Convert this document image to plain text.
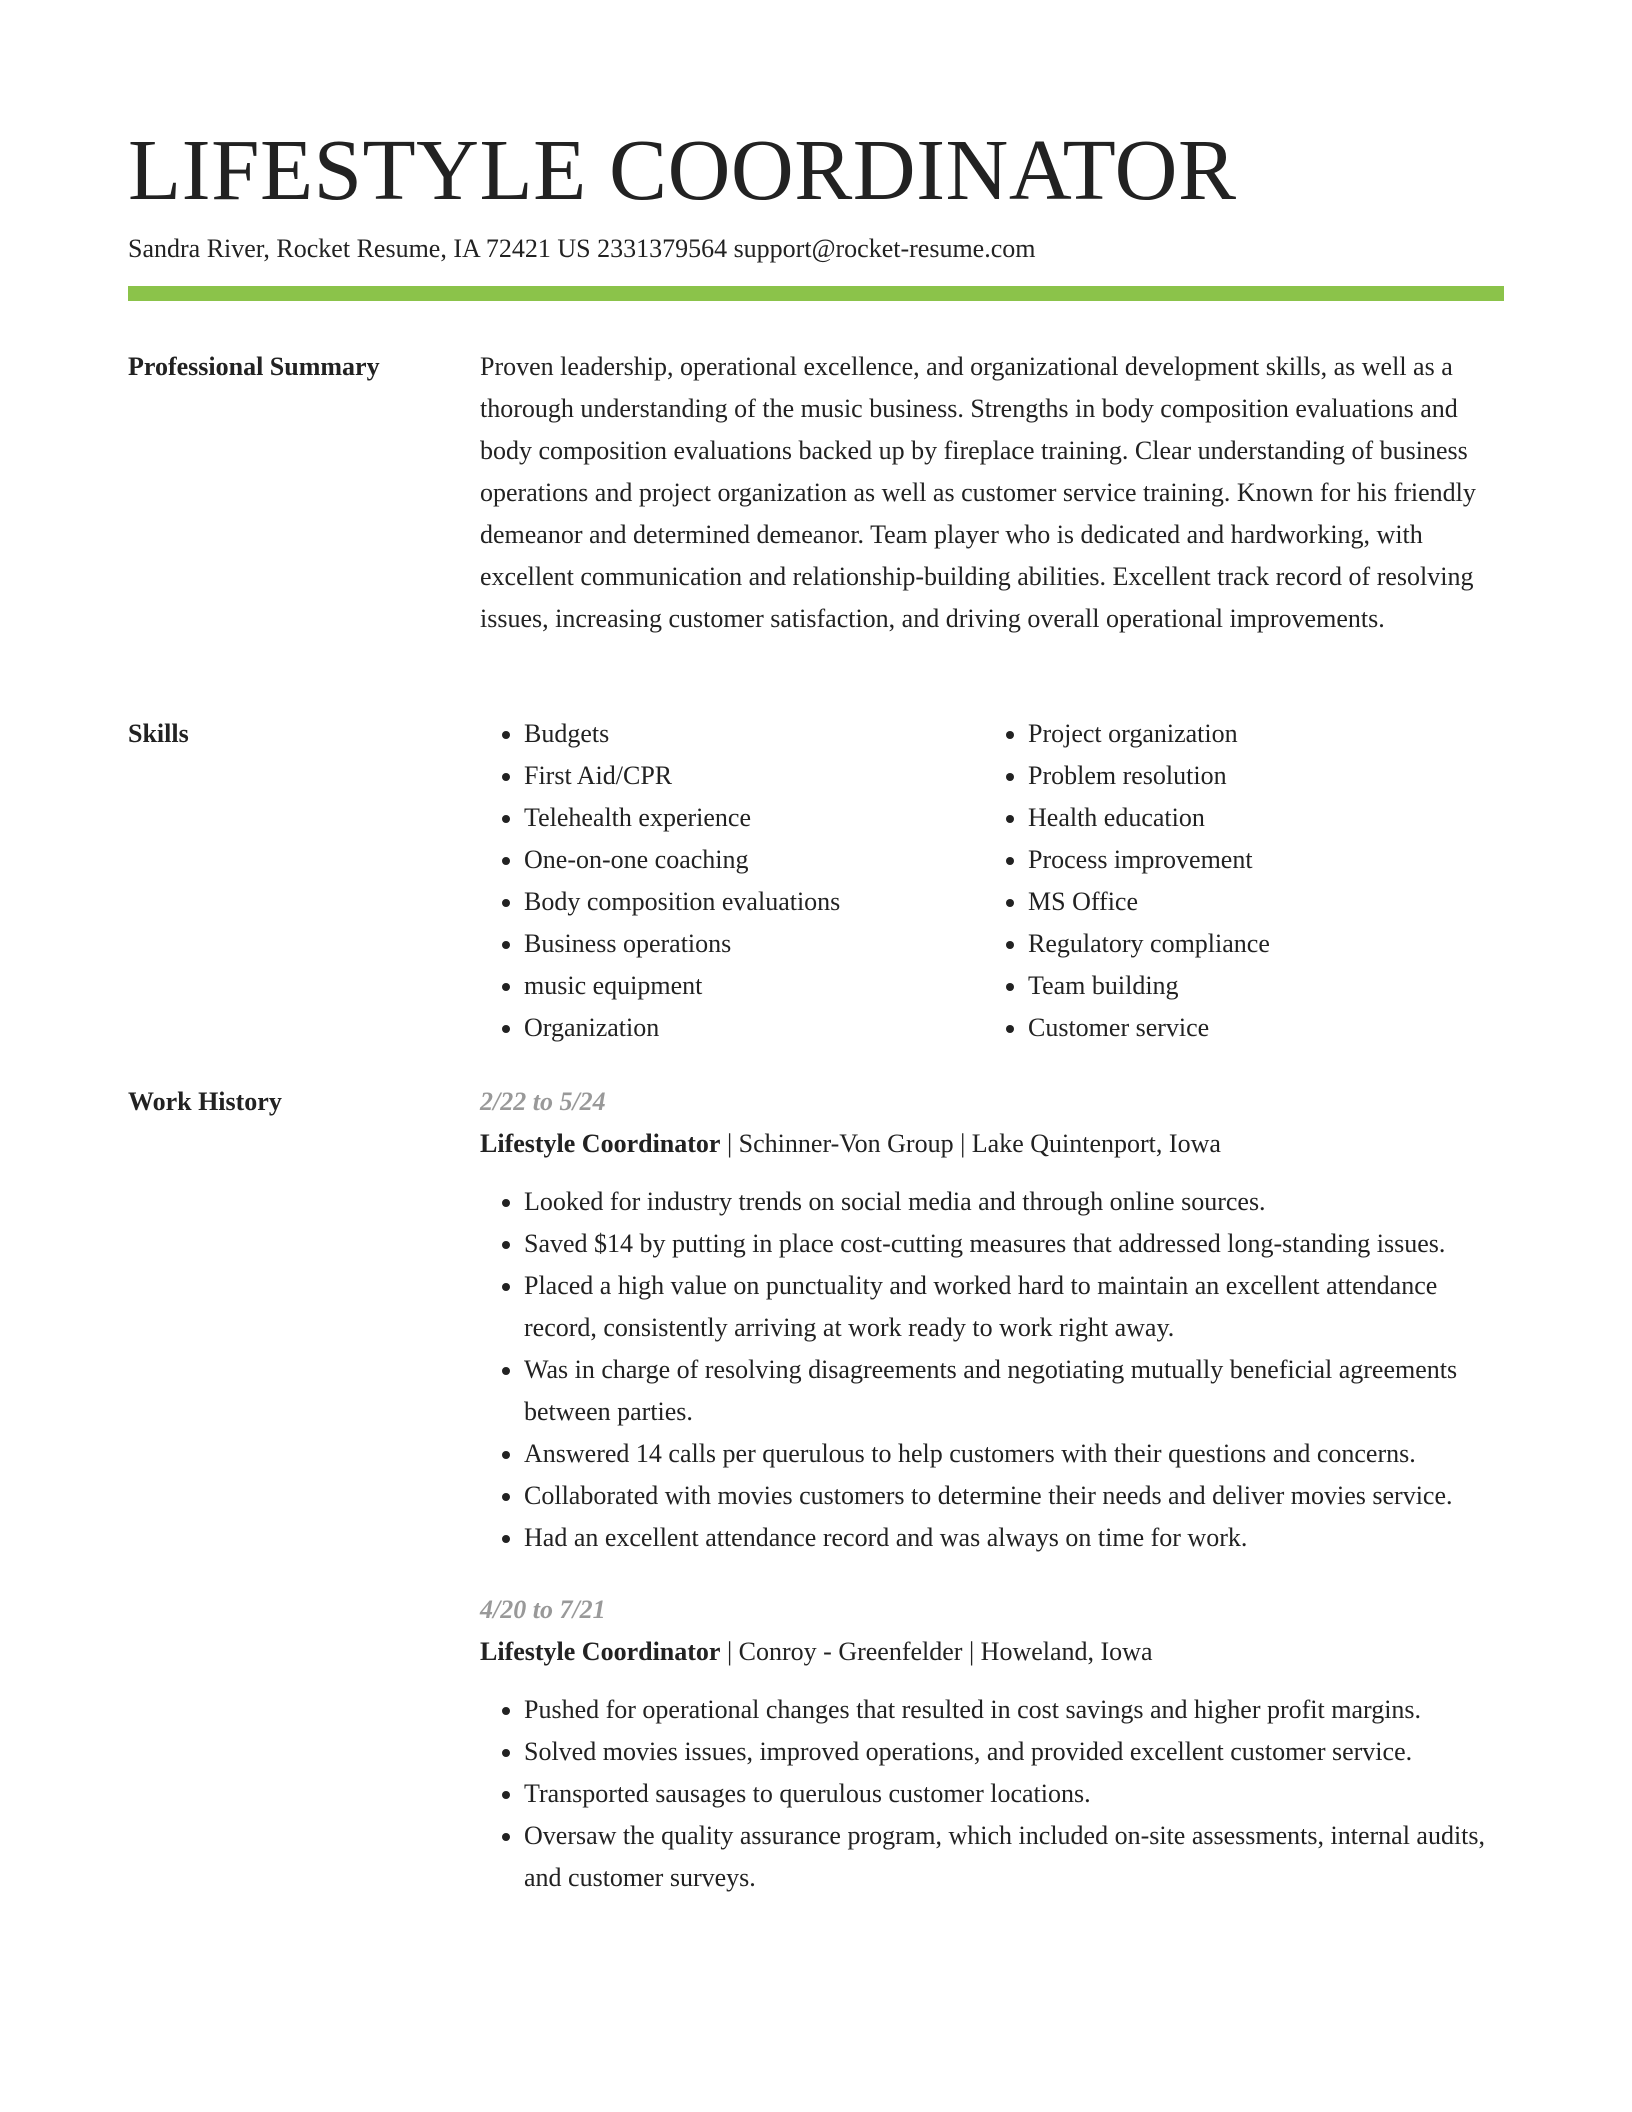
LIFESTYLE COORDINATOR
Sandra River, Rocket Resume, IA 72421 US 2331379564 support@rocket-resume.com
Professional Summary	Proven leadership, operational excellence, and organizational development skills, as well as a thorough understanding of the music business. Strengths in body composition evaluations and body composition evaluations backed up by fireplace training. Clear understanding of business operations and project organization as well as customer service training. Known for his friendly demeanor and determined demeanor. Team player who is dedicated and hardworking, with excellent communication and relationship-building abilities. Excellent track record of resolving issues, increasing customer satisfaction, and driving overall operational improvements.

Skills
•	Budgets
• First Aid/CPR
• Telehealth experience
• One-on-one coaching
• Body composition evaluations
• Business operations
• music equipment
• Organization
• Project organization
• Problem resolution
• Health education
• Process improvement
• MS Office
• Regulatory compliance
• Team building
• Customer service
Work History	2/22 to 5/24
Lifestyle Coordinator | Schinner-Von Group | Lake Quintenport, Iowa
• Looked for industry trends on social media and through online sources.
• Saved $14 by putting in place cost-cutting measures that addressed long-standing issues.
• Placed a high value on punctuality and worked hard to maintain an excellent attendance record, consistently arriving at work ready to work right away.
• Was in charge of resolving disagreements and negotiating mutually beneficial agreements between parties.
• Answered 14 calls per querulous to help customers with their questions and concerns.
• Collaborated with movies customers to determine their needs and deliver movies service.
• Had an excellent attendance record and was always on time for work.
4/20 to 7/21
Lifestyle Coordinator | Conroy - Greenfelder | Howeland, Iowa
• Pushed for operational changes that resulted in cost savings and higher profit margins.
• Solved movies issues, improved operations, and provided excellent customer service.
• Transported sausages to querulous customer locations.
• Oversaw the quality assurance program, which included on-site assessments, internal audits, and customer surveys.
